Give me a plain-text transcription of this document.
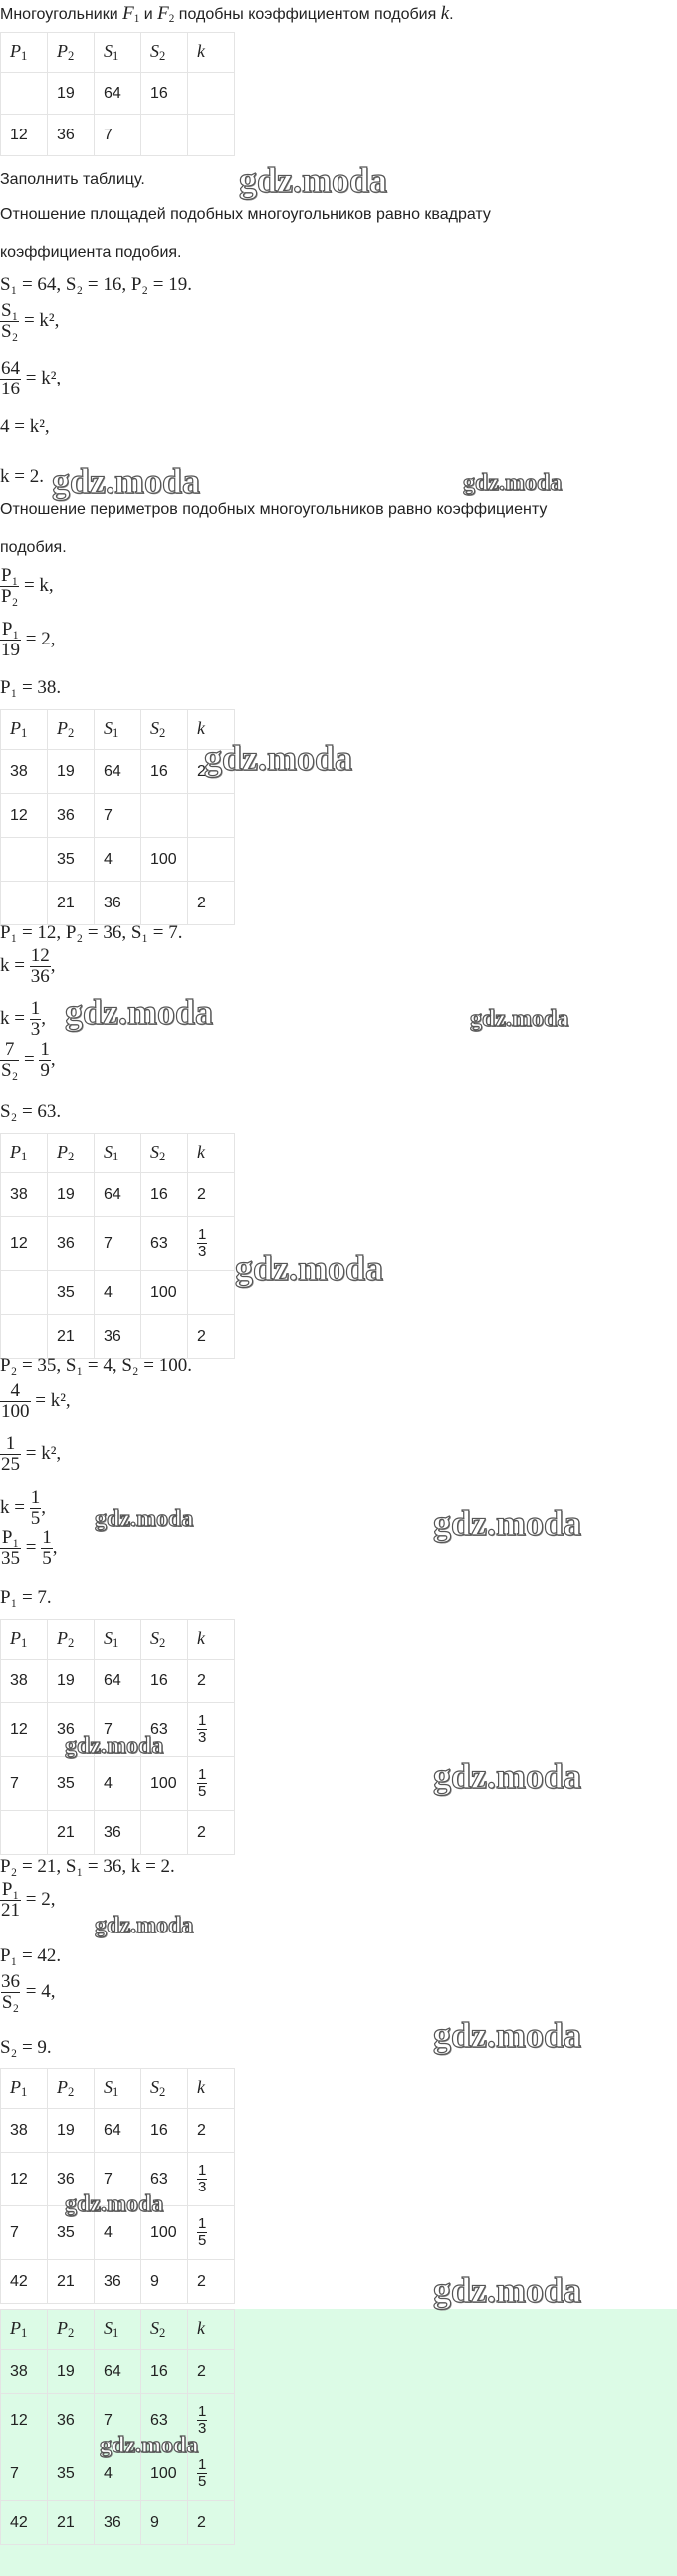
Многоугольники $F_1$ и $F_2$ подобны коэффициентом подобия k.
$P_1$	$P_2$	$S_1$	$S_2$	k
	19	64	16	
12	36	7		
Заполнить таблицу.
Отношение площадей подобных многоугольников равно квадрату
коэффициента подобия.
S₁ = 64, S₂ = 16, P₂ = 19.
$\frac{\text{S₁}}{\text{S₂}} = k^2$,
$\frac{64}{16} = k^2$,
4 = k²,
k = 2.
Отношение периметров подобных многоугольников равно коэффициенту
подобия.
$\frac{\text{P₁}}{\text{P₂}} = k$,
$\frac{\text{P₁}}{19} = 2$,
P₁ = 38.
$P_1$	$P_2$	$S_1$	$S_2$	k
38	19	64	16	2
12	36	7		
	35	4	100	
	21	36		2
P₁ = 12, P₂ = 36, S₁ = 7.
$k = \frac{12}{36}$ ,
$k = \frac{1}{3}$ ,
$\frac{7}{\text{S₂}} = \frac{1}{9}$ ,
S₂ = 63.
$P_1$	$P_2$	$S_1$	$S_2$	k
38	19	64	16	2
12	36	7	63	$\frac{1}{3}$

	35	4	100	
	21	36		2
P₂ = 35, S₁ = 4, S₂ = 100.
$\frac{4}{100} = k^2$,
$\frac{1}{25} = k^2$,
$k = \frac{1}{5}$ ,
$\frac{\text{P₁}}{35} = \frac{1}{5}$ ,
P₁ = 7.
$P_1$	$P_2$	$S_1$	$S_2$	k
38	19	64	16	2
12	36	7	63	$\frac{1}{3}$

7	35	4	100	$\frac{1}{5}$

	21	36		2
P₂ = 21, S₁ = 36, k = 2.
$\frac{\text{P₁}}{21} = 2$,
P₁ = 42.
$\frac{36}{\text{S₂}} = 4$,
S₂ = 9.
$P_1$	$P_2$	$S_1$	$S_2$	k
38	19	64	16	2
12	36	7	63	$\frac{1}{3}$

7	35	4	100	$\frac{1}{5}$

42	21	36	9	2
$P_1$	$P_2$	$S_1$	$S_2$	k
38	19	64	16	2
12	36	7	63	$\frac{1}{3}$

7	35	4	100	$\frac{1}{5}$

42	21	36	9	2
gdz.moda
gdz.moda	gdz.moda
gdz.moda
gdz.moda	gdz.moda
gdz.moda
gdz.moda	gdz.moda
gdz.moda
gdz.moda
gdz.moda
gdz.moda
gdz.moda
gdz.moda
gdz.moda
